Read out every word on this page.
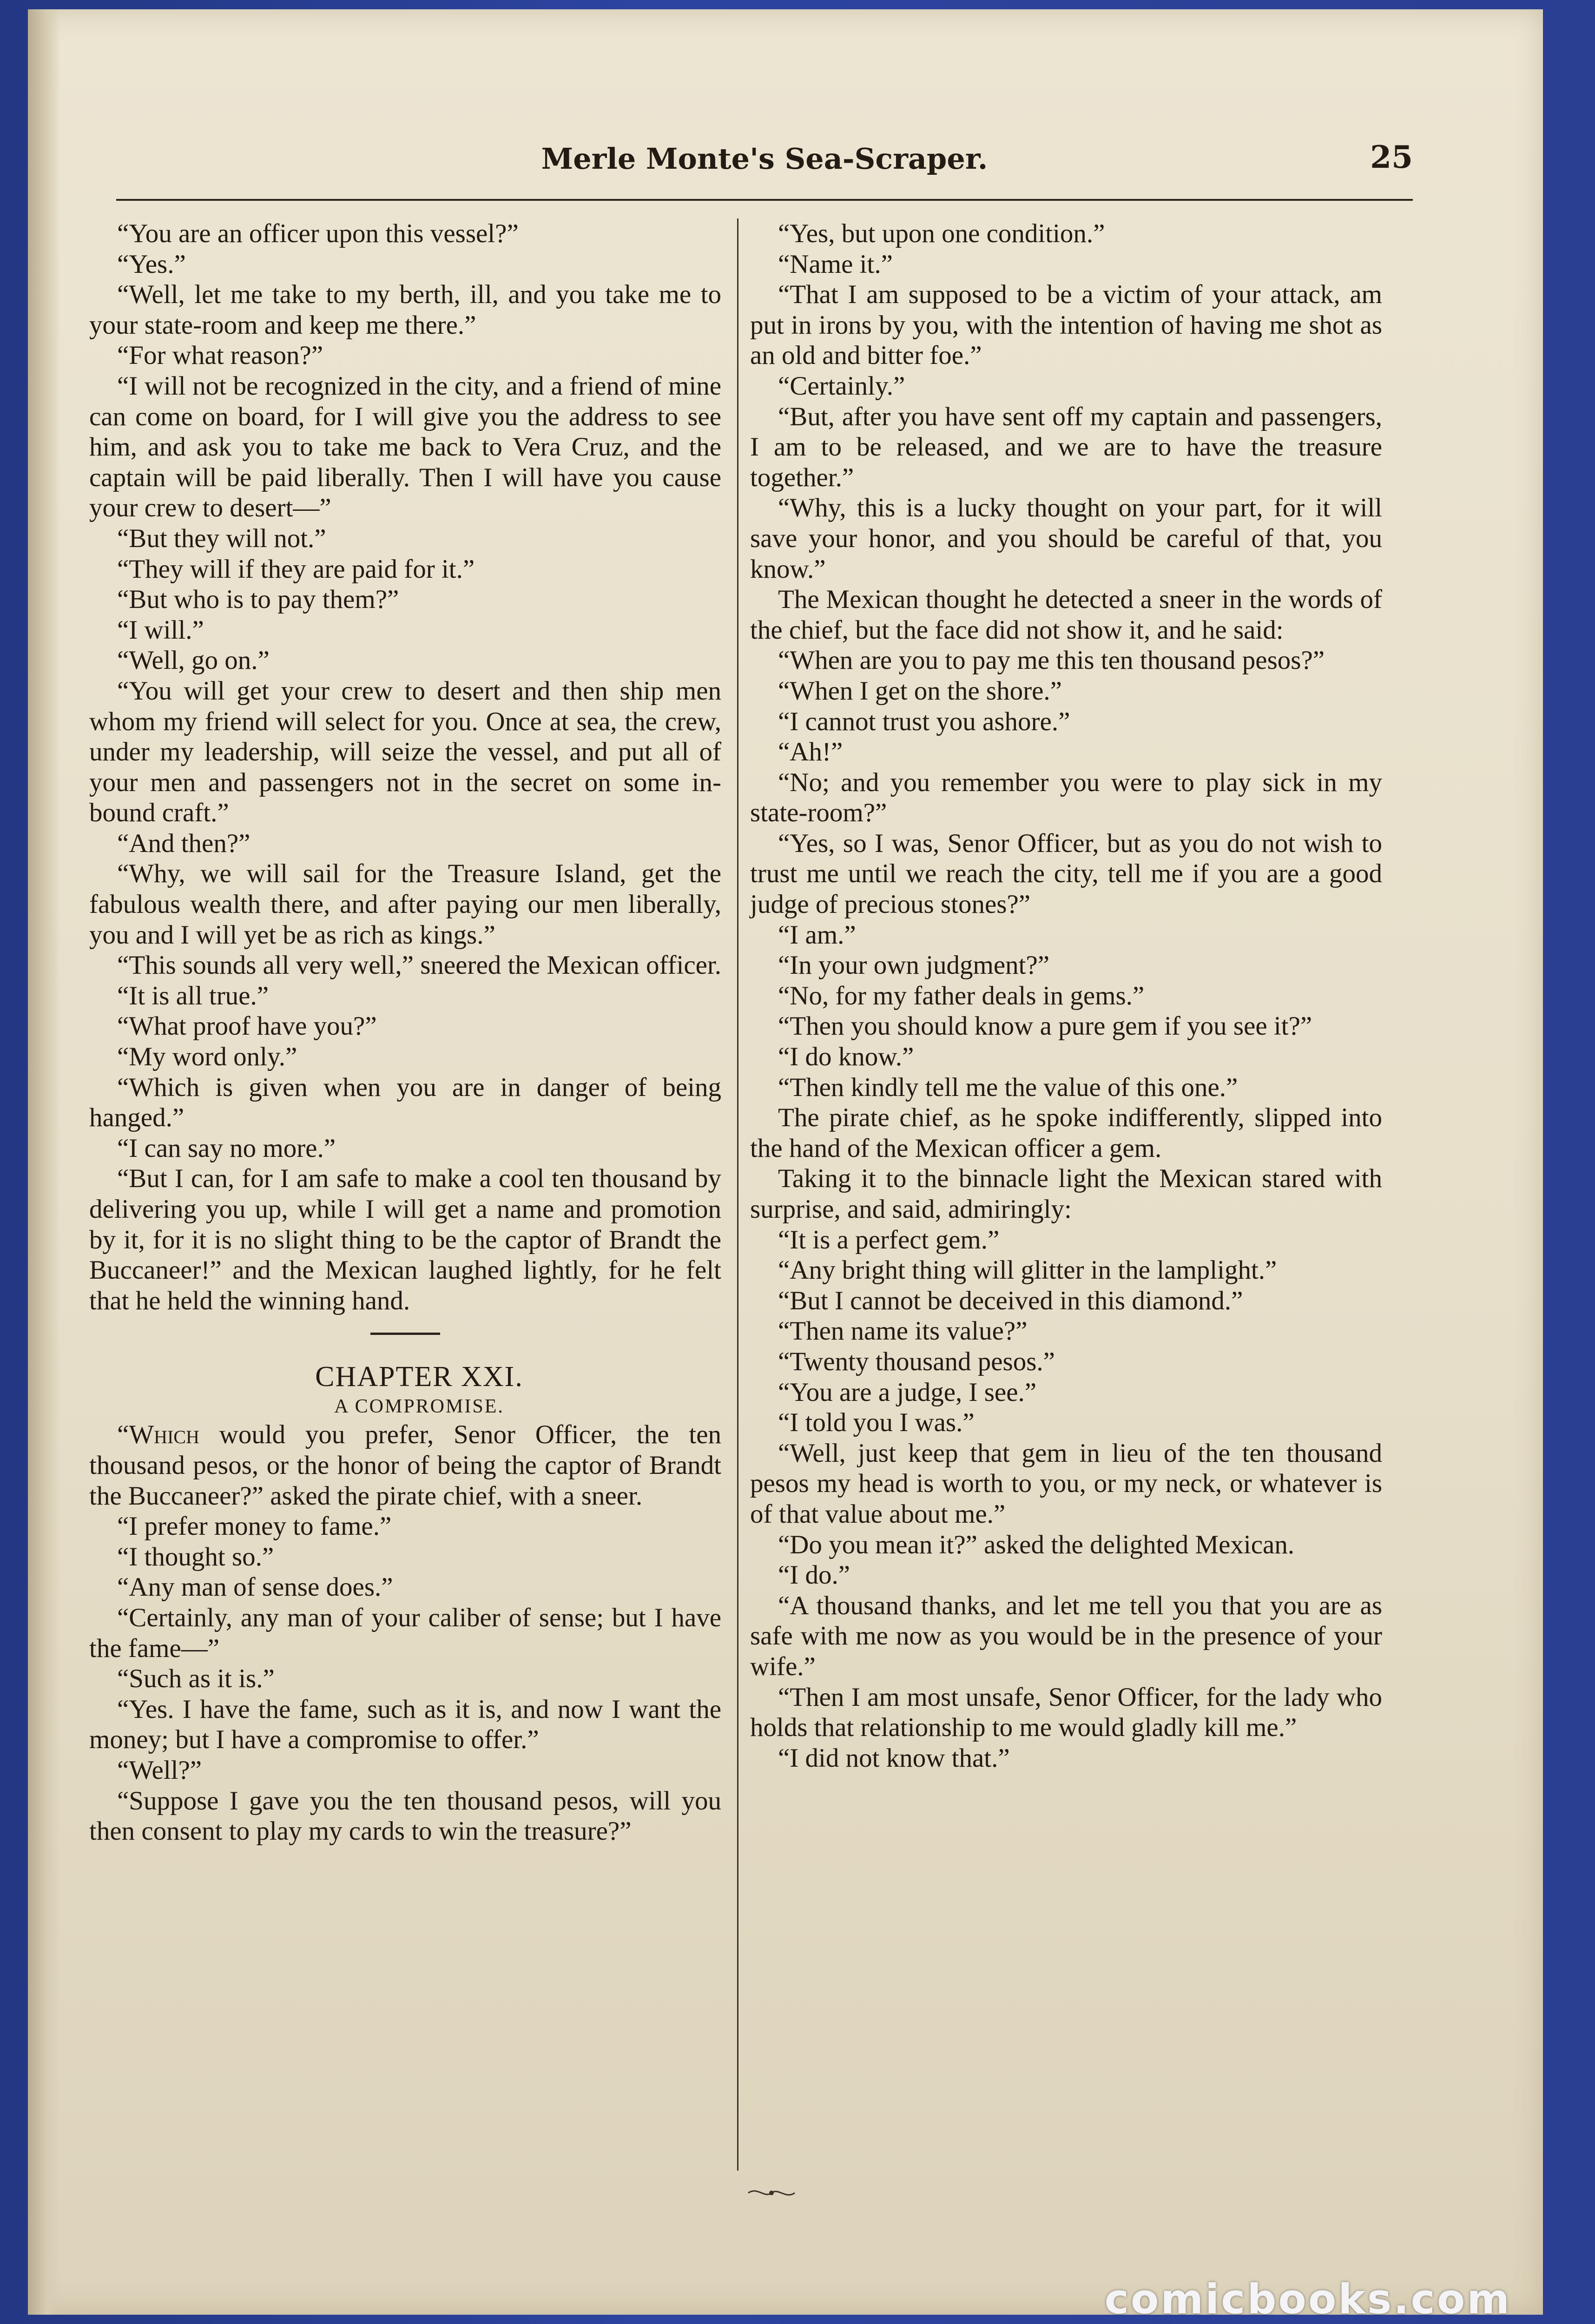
Merle Monte's Sea-Scraper.	25

“You are an officer upon this vessel?”

“Yes.”

“Well, let me take to my berth, ill, and you take me to your state-room and keep me there.”

“For what reason?”

“I will not be recognized in the city, and a friend of mine can come on board, for I will give you the address to see him, and ask you to take me back to Vera Cruz, and the captain will be paid liberally. Then I will have you cause your crew to desert—”

“But they will not.”

“They will if they are paid for it.”

“But who is to pay them?”

“I will.”

“Well, go on.”

“You will get your crew to desert and then ship men whom my friend will select for you. Once at sea, the crew, under my leadership, will seize the vessel, and put all of your men and passengers not in the secret on some in-bound craft.”

“And then?”

“Why, we will sail for the Treasure Island, get the fabulous wealth there, and after paying our men liberally, you and I will yet be as rich as kings.”

“This sounds all very well,” sneered the Mexican officer.

“It is all true.”

“What proof have you?”

“My word only.”

“Which is given when you are in danger of being hanged.”

“I can say no more.”

“But I can, for I am safe to make a cool ten thousand by delivering you up, while I will get a name and promotion by it, for it is no slight thing to be the captor of Brandt the Buccaneer!” and the Mexican laughed lightly, for he felt that he held the winning hand.

CHAPTER XXI.

A COMPROMISE.

“Which would you prefer, Senor Officer, the ten thousand pesos, or the honor of being the captor of Brandt the Buccaneer?” asked the pirate chief, with a sneer.

“I prefer money to fame.”

“I thought so.”

“Any man of sense does.”

“Certainly, any man of your caliber of sense; but I have the fame—”

“Such as it is.”

“Yes. I have the fame, such as it is, and now I want the money; but I have a compromise to offer.”

“Well?”

“Suppose I gave you the ten thousand pesos, will you then consent to play my cards to win the treasure?”

“Yes, but upon one condition.”

“Name it.”

“That I am supposed to be a victim of your attack, am put in irons by you, with the intention of having me shot as an old and bitter foe.”

“Certainly.”

“But, after you have sent off my captain and passengers, I am to be released, and we are to have the treasure together.”

“Why, this is a lucky thought on your part, for it will save your honor, and you should be careful of that, you know.”

The Mexican thought he detected a sneer in the words of the chief, but the face did not show it, and he said:

“When are you to pay me this ten thousand pesos?”

“When I get on the shore.”

“I cannot trust you ashore.”

“Ah!”

“No; and you remember you were to play sick in my state-room?”

“Yes, so I was, Senor Officer, but as you do not wish to trust me until we reach the city, tell me if you are a good judge of precious stones?”

“I am.”

“In your own judgment?”

“No, for my father deals in gems.”

“Then you should know a pure gem if you see it?”

“I do know.”

“Then kindly tell me the value of this one.”

The pirate chief, as he spoke indifferently, slipped into the hand of the Mexican officer a gem.

Taking it to the binnacle light the Mexican stared with surprise, and said, admiringly:

“It is a perfect gem.”

“Any bright thing will glitter in the lamplight.”

“But I cannot be deceived in this diamond.”

“Then name its value?”

“Twenty thousand pesos.”

“You are a judge, I see.”

“I told you I was.”

“Well, just keep that gem in lieu of the ten thousand pesos my head is worth to you, or my neck, or whatever is of that value about me.”

“Do you mean it?” asked the delighted Mexican.

“I do.”

“A thousand thanks, and let me tell you that you are as safe with me now as you would be in the presence of your wife.”

“Then I am most unsafe, Senor Officer, for the lady who holds that relationship to me would gladly kill me.”

“I did not know that.”

comicbooks.com
